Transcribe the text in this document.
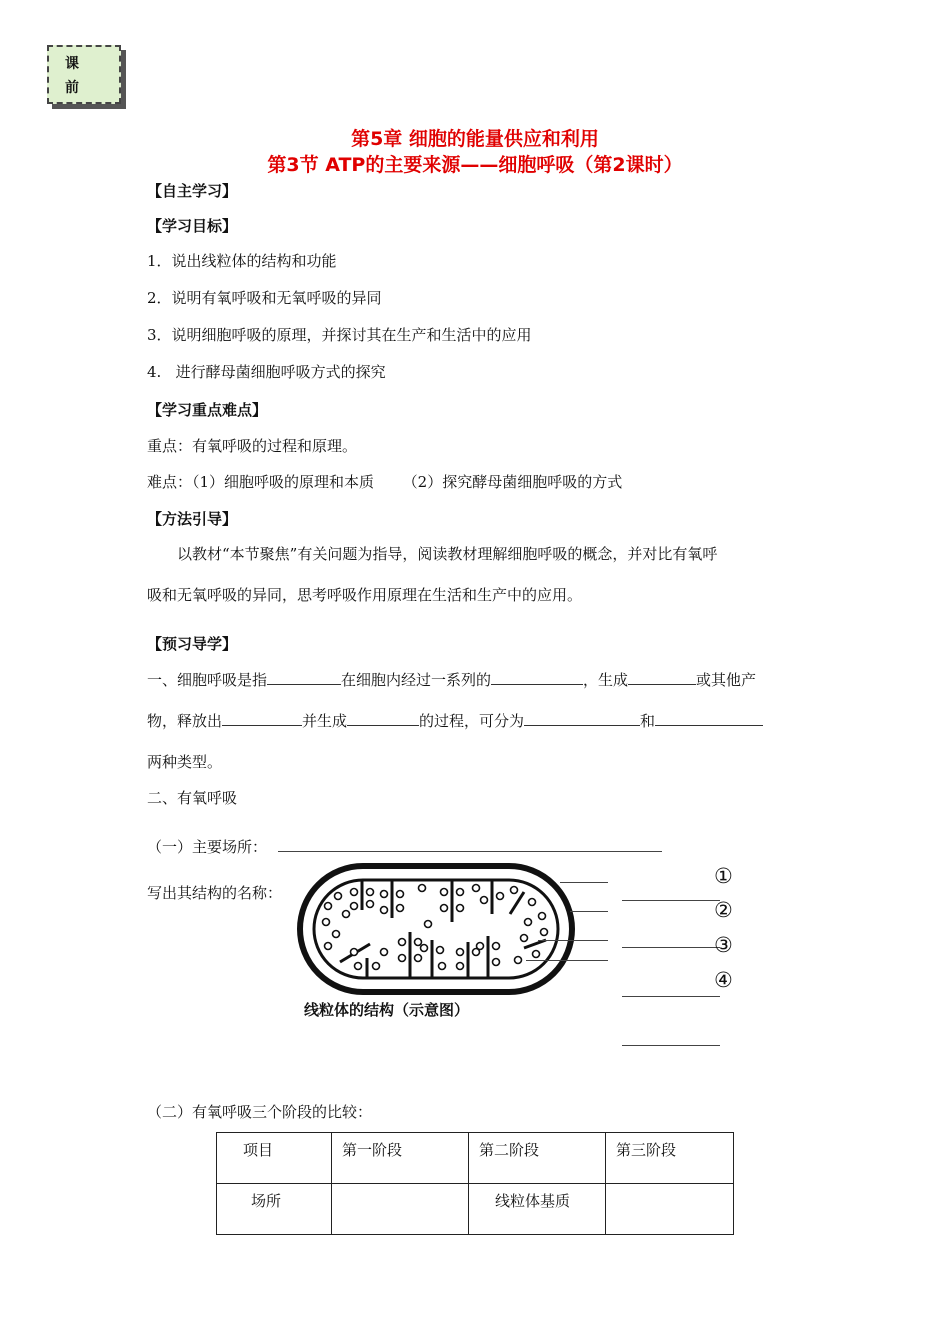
课
前
第5章 细胞的能量供应和利用
第3节 ATP的主要来源——细胞呼吸（第2课时）
【自主学习】
【学习目标】
1．说出线粒体的结构和功能
2．说明有氧呼吸和无氧呼吸的异同
3．说明细胞呼吸的原理，并探讨其在生产和生活中的应用
4.   进行酵母菌细胞呼吸方式的探究
【学习重点难点】
重点：有氧呼吸的过程和原理。
难点：（1）细胞呼吸的原理和本质      （2）探究酵母菌细胞呼吸的方式
【方法引导】
以教材“本节聚焦”有关问题为指导，阅读教材理解细胞呼吸的概念，并对比有氧呼
吸和无氧呼吸的异同，思考呼吸作用原理在生活和生产中的应用。
【预习导学】
一、细胞呼吸是指	在细胞内经过一系列的	，生成	或其他产
物，释放出	并生成	的过程，可分为	和
两种类型。
二、有氧呼吸
（一）主要场所：
写出其结构的名称：
线粒体的结构（示意图）
①
②
③
④
（二）有氧呼吸三个阶段的比较：
项目	第一阶段	第二阶段	第三阶段
场所		线粒体基质	
